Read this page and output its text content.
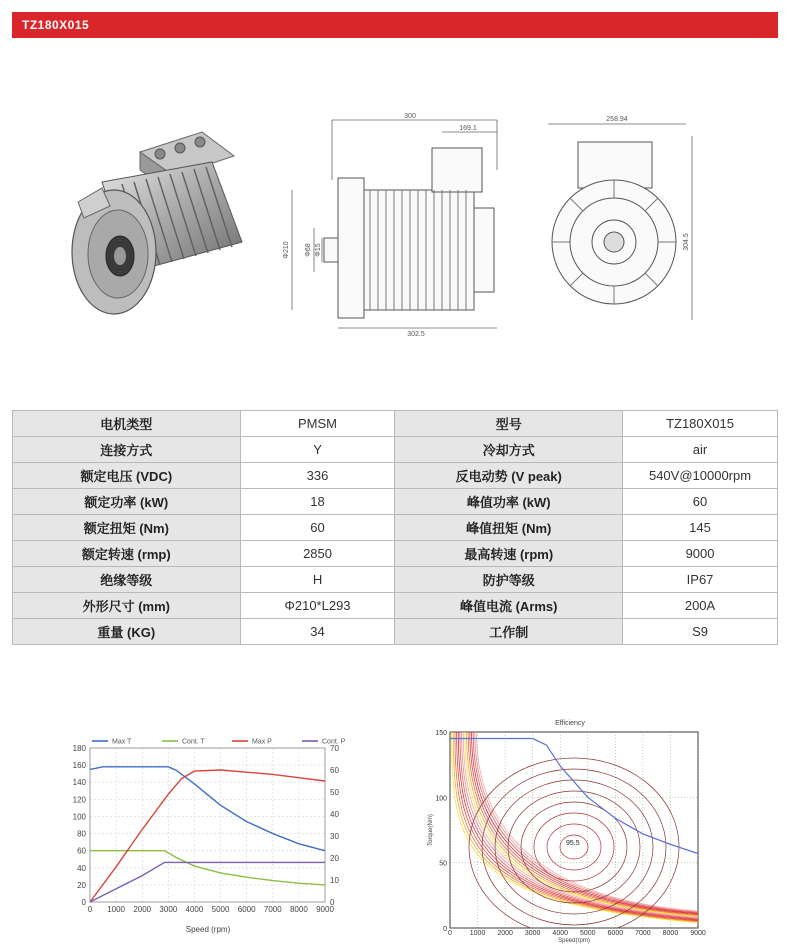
TZ180X015
300
169.1
302.5
Φ210 Φ68 Φ15
258.94
304.5
电机类型	PMSM	型号	TZ180X015
连接方式	Y	冷却方式	air
额定电压 (VDC)	336	反电动势 (V peak)	540V@10000rpm
额定功率 (kW)	18	峰值功率 (kW)	60
额定扭矩 (Nm)	60	峰值扭矩 (Nm)	145
额定转速 (rmp)	2850	最高转速 (rpm)	9000
绝缘等级	H	防护等级	IP67
外形尺寸 (mm)	Φ210*L293	峰值电流 (Arms)	200A
重量 (KG)	34	工作制	S9
Max T	Cont. T	Max P	Cont. P
0 1000 2000 3000 4000 5000 6000 7000 8000 9000
0
20
40
60
80
100
120
140
160
180
0
10
20
30
40
50
60
70
Speed (rpm)
Efficiency
0	1000 2000 3000 4000 5000 6000 7000 8000 9000
0
50
100
150
Torque(Nm)
Speed(rpm)
95.5
